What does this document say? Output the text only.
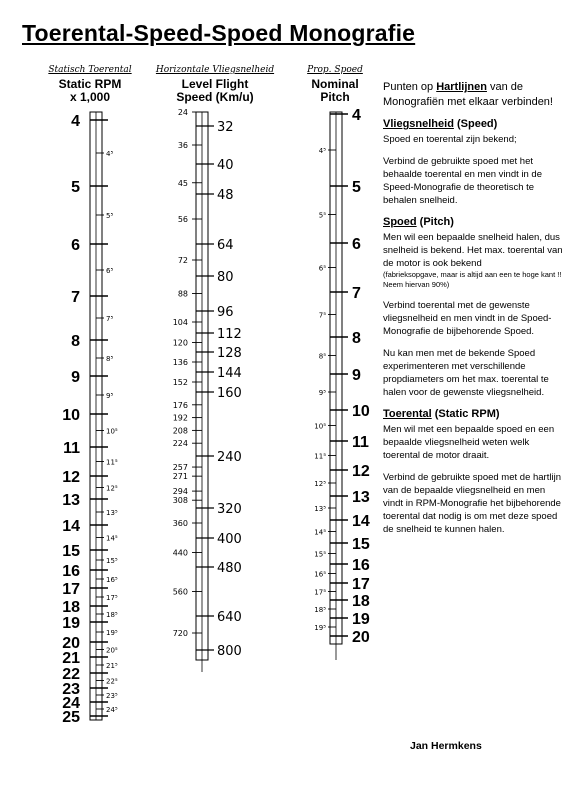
Toerental-Speed-Spoed Monografie
Statisch Toerental
Static RPM
x 1,000
Horizontale Vliegsnelheid
Level Flight
Speed (Km/u)
Prop. Spoed
Nominal
Pitch
4
5
6
7
8
9
10
11
12
13
14
15
16
17
18
19
20
21
22
23
24
25
4⁵
5⁵
6⁵
7⁵
8⁵
9⁵
10⁵
11⁵
12⁵
13⁵
14⁵
15⁵
16⁵
17⁵
18⁵
19⁵
20⁵
21⁵
22⁵
23⁵
24⁵
32
40
48
64
80
96
112
128
144
160
240
320
400
480
640
800
24
36
45
56
72
88
104
120
136
152
176
192
208
224
257
271
294
308
360
440
560
720
4
5
6
7
8
9
10
11
12
13
14
15
16
17
18
19
20
4⁵
5⁵
6⁵
7⁵
8⁵
9⁵
10⁵
11⁵
12⁵
13⁵
14⁵
15⁵
16⁵
17⁵
18⁵
19⁵

Punten op Hartlijnen van de Monografiën met elkaar verbinden!

Vliegsnelheid (Speed)

Spoed en toerental zijn bekend;

Verbind de gebruikte spoed met het behaalde toerental en men vindt in de Speed-Monografie de theoretisch te behalen snelheid.

Spoed (Pitch)

Men wil een bepaalde snelheid halen, dus snelheid is bekend. Het max. toerental van de motor is ook bekend
(fabrieksopgave, maar is altijd aan een te hoge kant !! Neem hiervan 90%)

Verbind toerental met de gewenste vliegsnelheid en men vindt in de Spoed-Monografie de bijbehorende Spoed.

Nu kan men met de bekende Spoed experimenteren met verschillende propdiameters om het max. toerental te halen voor de gewenste vliegsnelheid.

Toerental (Static RPM)

Men wil met een bepaalde spoed en een bepaalde vliegsnelheid weten welk toerental de motor draait.

Verbind de gebruikte spoed met de hartlijn van de bepaalde vliegsnelheid en men vindt in RPM-Monografie het bijbehorende toerental dat nodig is om met deze spoed de snelheid te kunnen halen.

Jan Hermkens
